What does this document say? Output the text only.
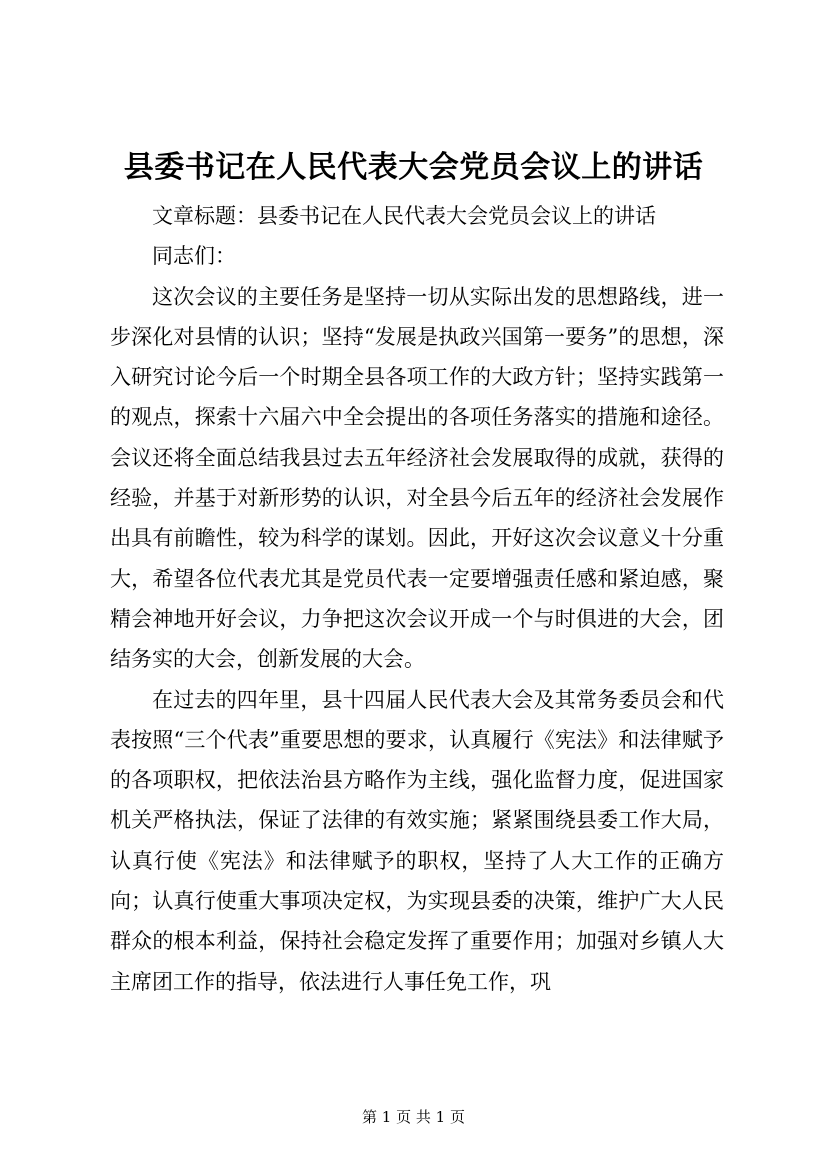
县委书记在人民代表大会党员会议上的讲话

文章标题：县委书记在人民代表大会党员会议上的讲话

同志们：

这次会议的主要任务是坚持一切从实际出发的思想路线，进一步深化对县情的认识；坚持“发展是执政兴国第一要务”的思想，深入研究讨论今后一个时期全县各项工作的大政方针；坚持实践第一的观点，探索十六届六中全会提出的各项任务落实的措施和途径。会议还将全面总结我县过去五年经济社会发展取得的成就，获得的经验，并基于对新形势的认识，对全县今后五年的经济社会发展作出具有前瞻性，较为科学的谋划。因此，开好这次会议意义十分重大，希望各位代表尤其是党员代表一定要增强责任感和紧迫感，聚精会神地开好会议，力争把这次会议开成一个与时俱进的大会，团结务实的大会，创新发展的大会。

在过去的四年里，县十四届人民代表大会及其常务委员会和代表按照“三个代表”重要思想的要求，认真履行《宪法》和法律赋予的各项职权，把依法治县方略作为主线，强化监督力度，促进国家机关严格执法，保证了法律的有效实施；紧紧围绕县委工作大局，认真行使《宪法》和法律赋予的职权，坚持了人大工作的正确方向；认真行使重大事项决定权，为实现县委的决策，维护广大人民群众的根本利益，保持社会稳定发挥了重要作用；加强对乡镇人大主席团工作的指导，依法进行人事任免工作，巩

第 1 页 共 1 页
